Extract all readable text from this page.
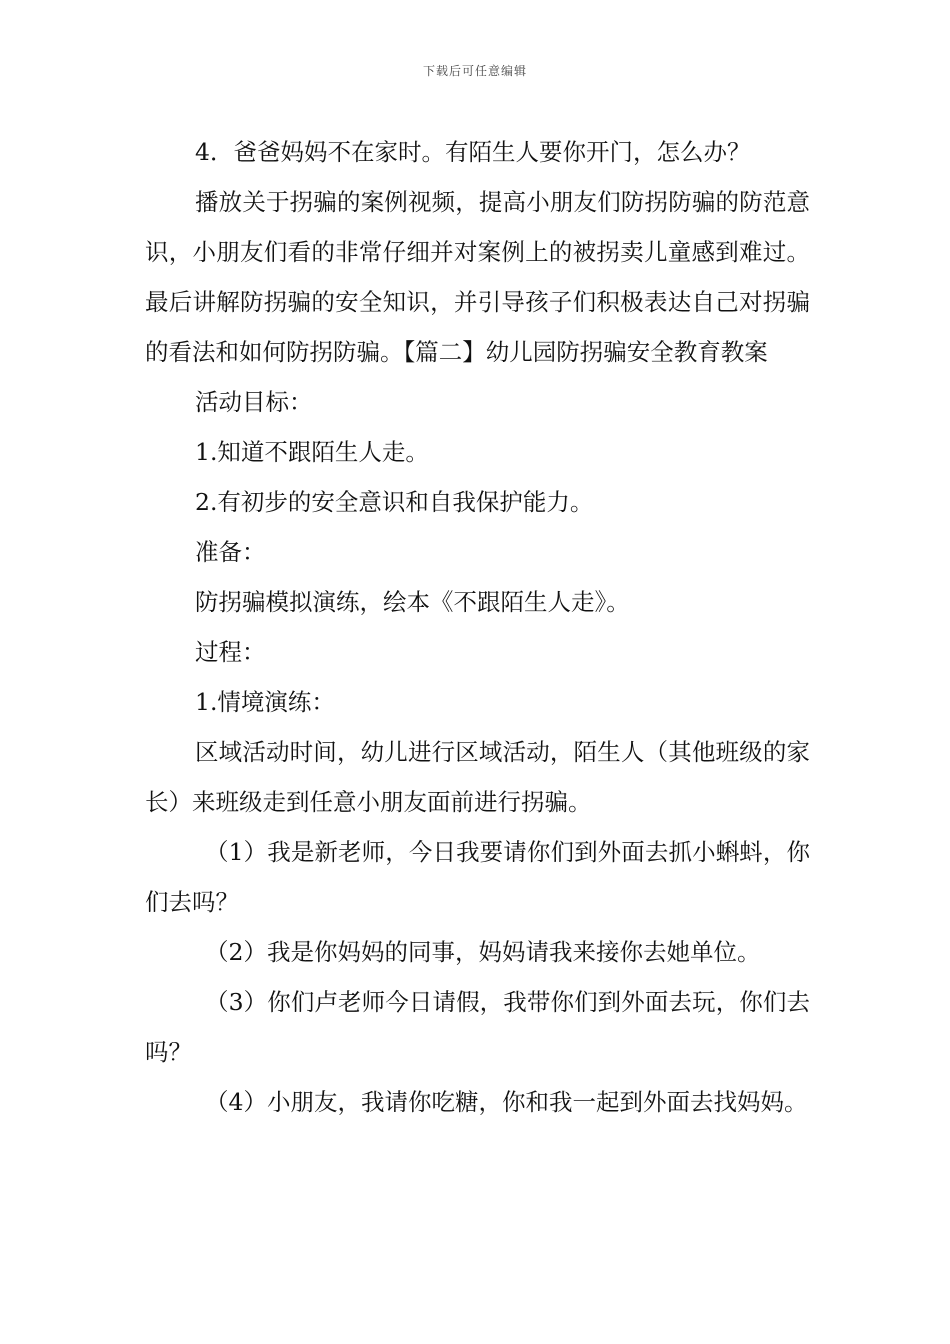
下载后可任意编辑

4．爸爸妈妈不在家时。有陌生人要你开门，怎么办？

播放关于拐骗的案例视频，提高小朋友们防拐防骗的防范意识，小朋友们看的非常仔细并对案例上的被拐卖儿童感到难过。最后讲解防拐骗的安全知识，并引导孩子们积极表达自己对拐骗的看法和如何防拐防骗。【篇二】幼儿园防拐骗安全教育教案

活动目标：

1.知道不跟陌生人走。

2.有初步的安全意识和自我保护能力。

准备：

防拐骗模拟演练，绘本《不跟陌生人走》。

过程：

1.情境演练：

区域活动时间，幼儿进行区域活动，陌生人（其他班级的家长）来班级走到任意小朋友面前进行拐骗。

（1）我是新老师，今日我要请你们到外面去抓小蝌蚪，你们去吗？

（2）我是你妈妈的同事，妈妈请我来接你去她单位。

（3）你们卢老师今日请假，我带你们到外面去玩，你们去吗？

（4）小朋友，我请你吃糖，你和我一起到外面去找妈妈。
